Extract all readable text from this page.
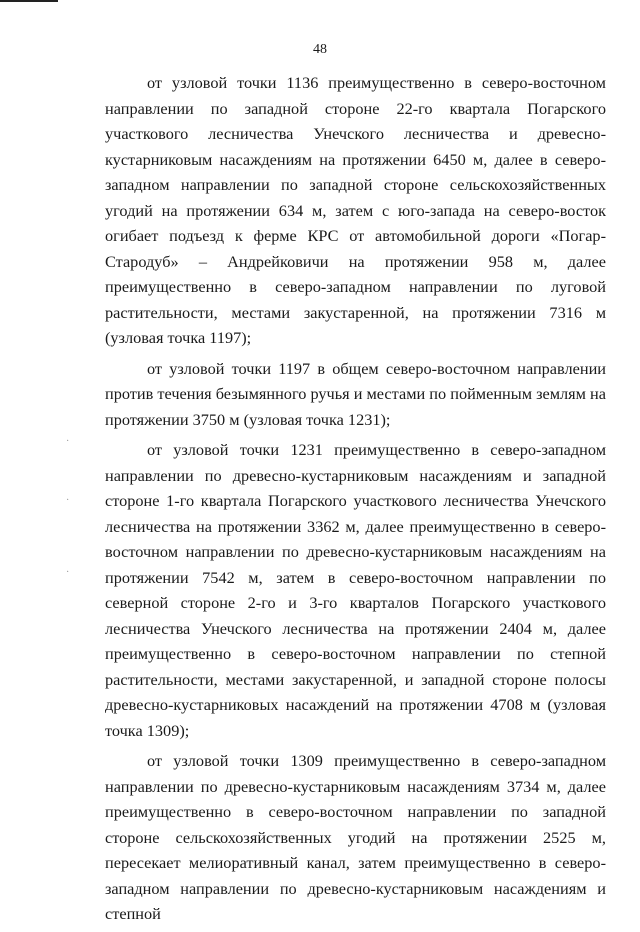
48
·
·
·

от узловой точки 1136 преимущественно в северо-восточном направлении по западной стороне 22-го квартала Погарского участкового лесничества Унечского лесничества и древесно-кустарниковым насаждениям на протяжении 6450 м, далее в северо-западном направлении по западной стороне сельскохозяйственных угодий на протяжении 634 м, затем с юго-запада на северо-восток огибает подъезд к ферме КРС от автомобильной дороги «Погар-Стародуб» – Андрейковичи на протяжении 958 м, далее преимущественно в северо-западном направлении по луговой растительности, местами закустаренной, на протяжении 7316 м (узловая точка 1197);

от узловой точки 1197 в общем северо-восточном направлении против течения безымянного ручья и местами по пойменным землям на протяжении 3750 м (узловая точка 1231);

от узловой точки 1231 преимущественно в северо-западном направлении по древесно-кустарниковым насаждениям и западной стороне 1-го квартала Погарского участкового лесничества Унечского лесничества на протяжении 3362 м, далее преимущественно в северо-восточном направлении по древесно-кустарниковым насаждениям на протяжении 7542 м, затем в северо-восточном направлении по северной стороне 2-го и 3-го кварталов Погарского участкового лесничества Унечского лесничества на протяжении 2404 м, далее преимущественно в северо-восточном направлении по степной растительности, местами закустаренной, и западной стороне полосы древесно-кустарниковых насаждений на протяжении 4708 м (узловая точка 1309);

от узловой точки 1309 преимущественно в северо-западном направлении по древесно-кустарниковым насаждениям 3734 м, далее преимущественно в северо-восточном направлении по западной стороне сельскохозяйственных угодий на протяжении 2525 м, пересекает мелиоративный канал, затем преимущественно в северо-западном направлении по древесно-кустарниковым насаждениям и степной
